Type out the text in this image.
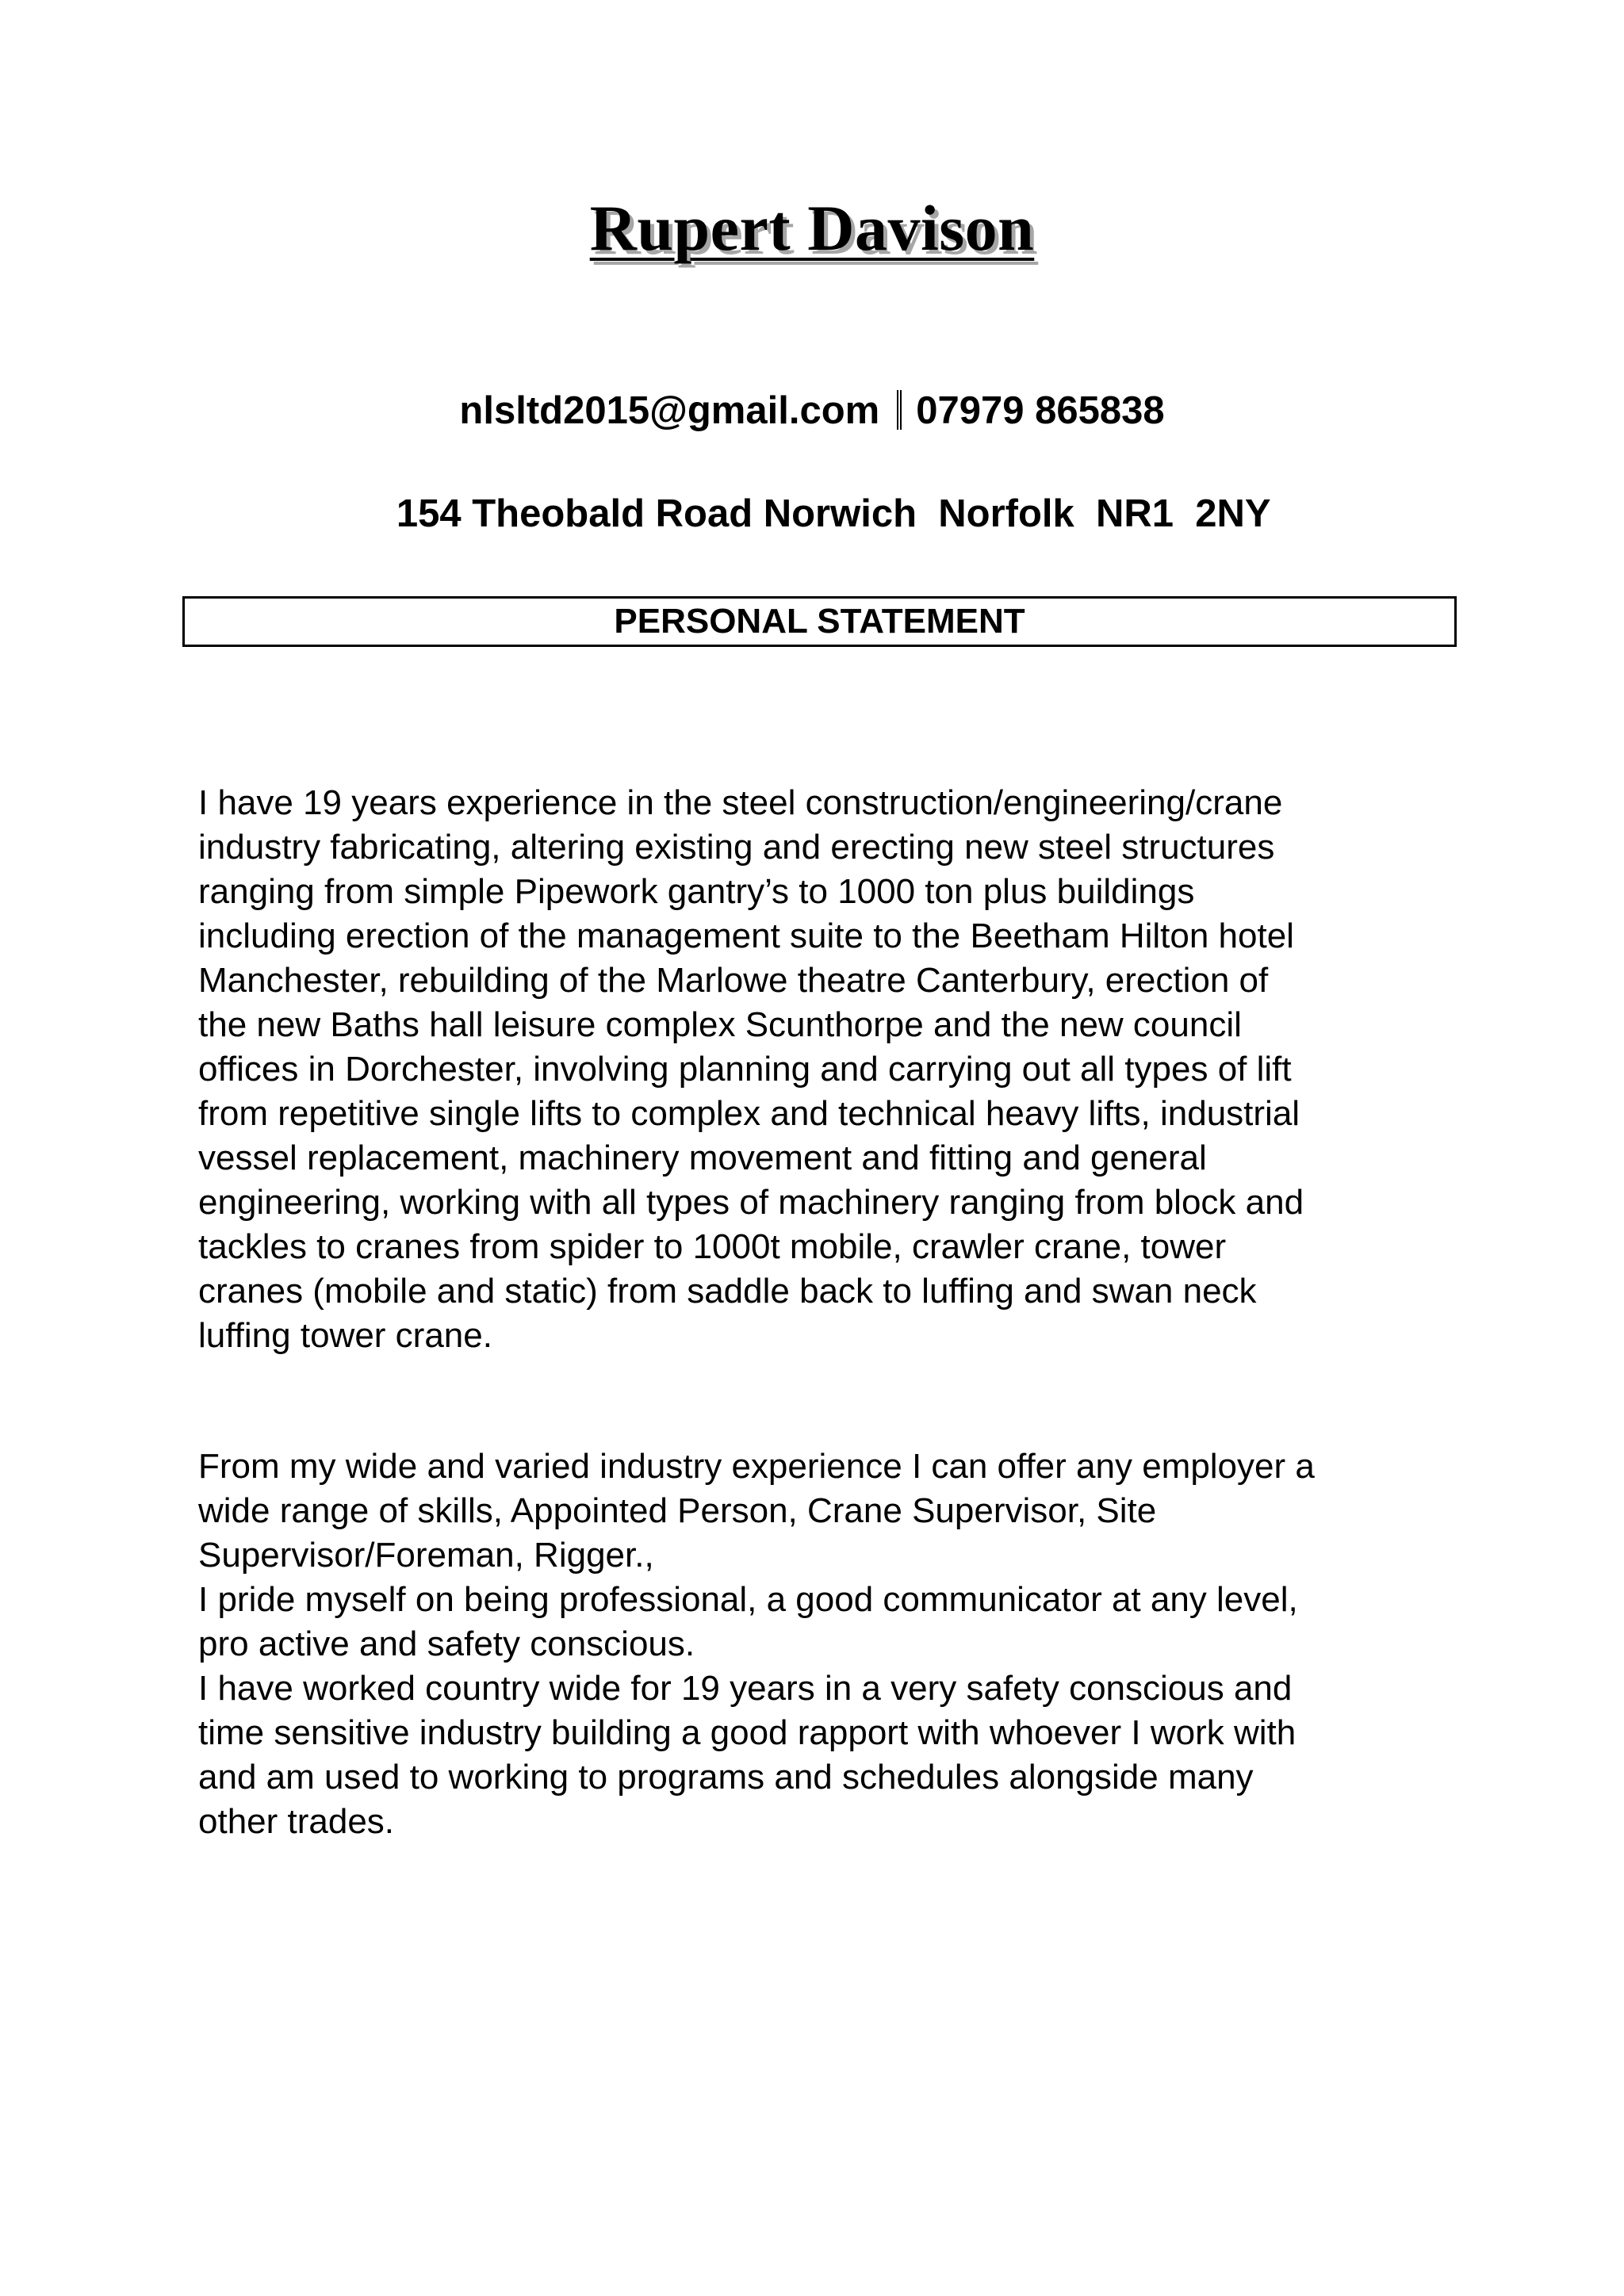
Rupert Davison
nlsltd2015@gmail.com 07979 865838

154 Theobald Road Norwich  Norfolk  NR1  2NY

PERSONAL STATEMENT

I have 19 years experience in the steel construction/engineering/crane
industry fabricating, altering existing and erecting new steel structures
ranging from simple Pipework gantry’s to 1000 ton plus buildings
including erection of the management suite to the Beetham Hilton hotel
Manchester, rebuilding of the Marlowe theatre Canterbury, erection of
the new Baths hall leisure complex Scunthorpe and the new council
offices in Dorchester, involving planning and carrying out all types of lift
from repetitive single lifts to complex and technical heavy lifts, industrial
vessel replacement, machinery movement and fitting and general
engineering, working with all types of machinery ranging from block and
tackles to cranes from spider to 1000t mobile, crawler crane, tower
cranes (mobile and static) from saddle back to luffing and swan neck
luffing tower crane.

From my wide and varied industry experience I can offer any employer a
wide range of skills, Appointed Person, Crane Supervisor, Site
Supervisor/Foreman, Rigger.,
I pride myself on being professional, a good communicator at any level,
pro active and safety conscious.
I have worked country wide for 19 years in a very safety conscious and
time sensitive industry building a good rapport with whoever I work with
and am used to working to programs and schedules alongside many
other trades.
